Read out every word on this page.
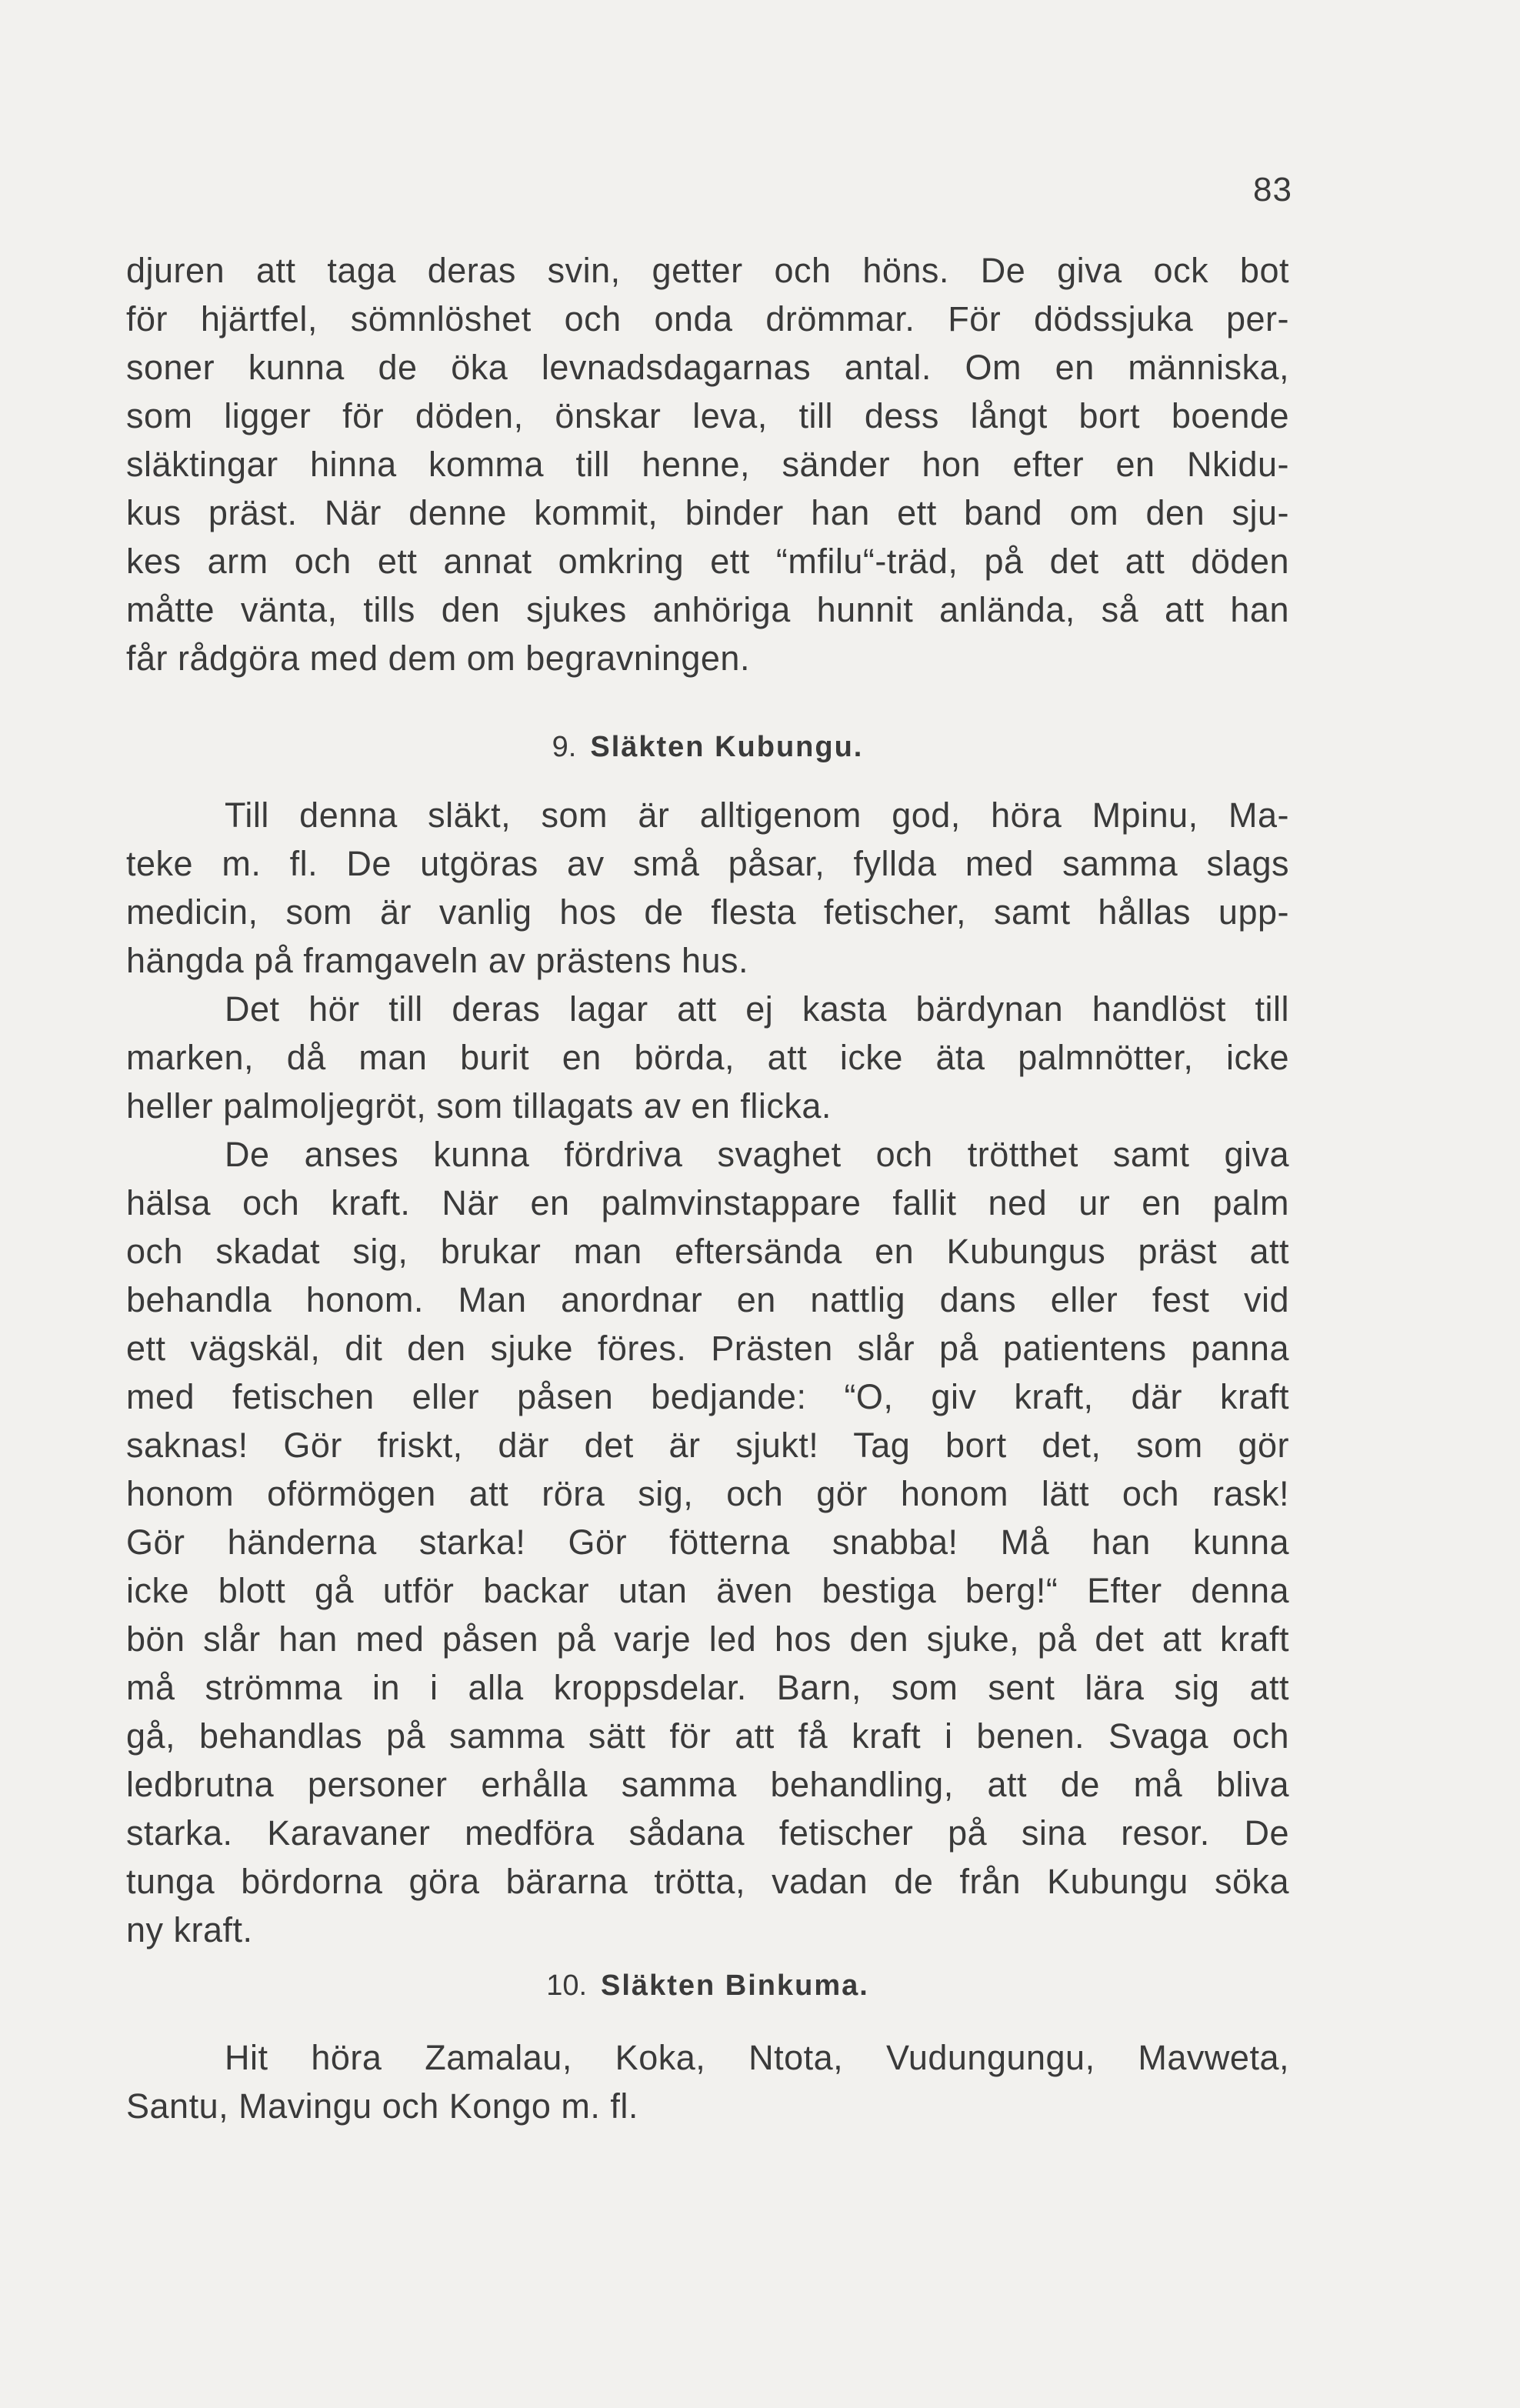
83
djuren att taga deras svin, getter och höns. De giva ock bot
för hjärtfel, sömnlöshet och onda drömmar. För dödssjuka per-
soner kunna de öka levnadsdagarnas antal. Om en människa,
som ligger för döden, önskar leva, till dess långt bort boende
släktingar hinna komma till henne, sänder hon efter en Nkidu-
kus präst. När denne kommit, binder han ett band om den sju-
kes arm och ett annat omkring ett “mfilu“-träd, på det att döden
måtte vänta, tills den sjukes anhöriga hunnit anlända, så att han
får rådgöra med dem om begravningen.
9. Släkten Kubungu.
Till denna släkt, som är alltigenom god, höra Mpinu, Ma-
teke m. fl. De utgöras av små påsar, fyllda med samma slags
medicin, som är vanlig hos de flesta fetischer, samt hållas upp-
hängda på framgaveln av prästens hus.
Det hör till deras lagar att ej kasta bärdynan handlöst till
marken, då man burit en börda, att icke äta palmnötter, icke
heller palmoljegröt, som tillagats av en flicka.
De anses kunna fördriva svaghet och trötthet samt giva
hälsa och kraft. När en palmvinstappare fallit ned ur en palm
och skadat sig, brukar man eftersända en Kubungus präst att
behandla honom. Man anordnar en nattlig dans eller fest vid
ett vägskäl, dit den sjuke föres. Prästen slår på patientens panna
med fetischen eller påsen bedjande: “O, giv kraft, där kraft
saknas! Gör friskt, där det är sjukt! Tag bort det, som gör
honom oförmögen att röra sig, och gör honom lätt och rask!
Gör händerna starka! Gör fötterna snabba! Må han kunna
icke blott gå utför backar utan även bestiga berg!“ Efter denna
bön slår han med påsen på varje led hos den sjuke, på det att kraft
må strömma in i alla kroppsdelar. Barn, som sent lära sig att
gå, behandlas på samma sätt för att få kraft i benen. Svaga och
ledbrutna personer erhålla samma behandling, att de må bliva
starka. Karavaner medföra sådana fetischer på sina resor. De
tunga bördorna göra bärarna trötta, vadan de från Kubungu söka
ny kraft.
10. Släkten Binkuma.
Hit höra Zamalau, Koka, Ntota, Vudungungu, Mavweta,
Santu, Mavingu och Kongo m. fl.
